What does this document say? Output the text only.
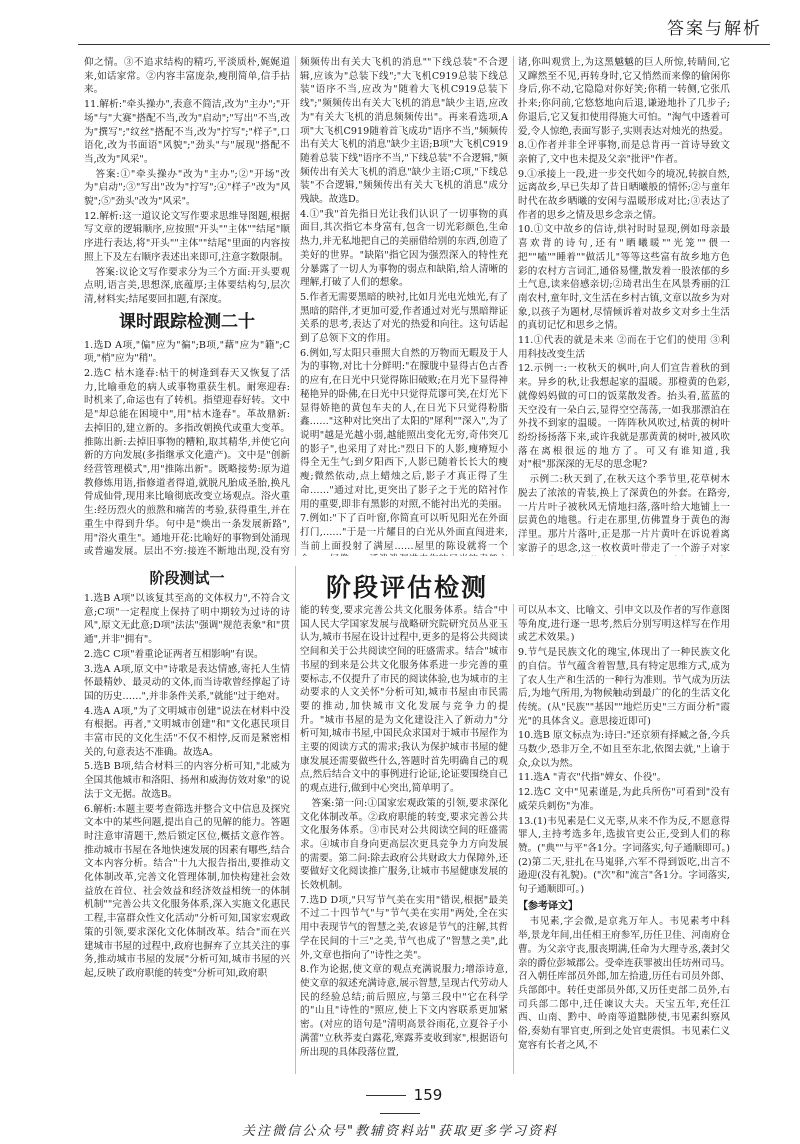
答案与解析

仰之情。③不追求结构的精巧,平淡质朴,娓娓道来,如话家常。②内容丰富庞杂,瘦削简单,信手拈来。

11.解析:"牵头操办",表意不简洁,改为"主办";"开场"与"大赛"搭配不当,改为"启动";"写出"不当,改为"撰写";"纹丝"搭配不当,改为"拧写";"样子",口语化,改为书面语"风貌";"劲头"与"展现"搭配不当,改为"风采"。

答案:①"牵头操办"改为"主办";②"开场"改为"启动";③"写出"改为"拧写";④"样子"改为"风貌";⑤"劲头"改为"风采"。

12.解析:这一道议论文写作要求思维导图题,根据写文章的逻辑顺序,应按照"开头""主体""结尾"顺序进行表达,将"开头""主体""结尾"里面的内容按照上下及左右顺序表述出来即可,注意字数限制。

答案:议论文写作要求分为三个方面:开头要观点明,语言美,思想深,底蕴厚;主体要结构匀,层次清,材料实;结尾要回扣题,有深度。

课时跟踪检测二十

1.选D A项,"偏"应为"徧";B项,"藉"应为"籍";C项,"梢"应为"稍"。

2.选C 枯木逢春:枯干的树逢到春天又恢复了活力,比喻垂危的病人或事物重获生机。耐寒迎春:时机来了,命运也有了转机。指望迎春好转。文中是"却总能在困境中",用"枯木逢春"。革故鼎新:去掉旧的,建立新的。多指改朝换代或重大变革。推陈出新:去掉旧事物的糟粕,取其精华,并使它向新的方向发展(多指继承文化遗产)。文中是"创新经营管理模式",用"推陈出新"。既略接势:原为道教修炼用语,指修道者得道,就脱凡胎成圣胎,换凡骨成仙骨,现用来比喻彻底改变立场观点。浴火重生:经历烈火的煎熬和痛苦的考验,获得重生,并在重生中得到升华。句中是"焕出一条发展新路",用"浴火重生"。通地开花:比喻好的事物到处涌现或普遍发展。层出不穷:接连不断地出现,没有穷

频频传出有关大飞机的消息""下线总装"不合逻辑,应该为"总装下线";"大飞机C919总装下线总装"语序不当,应改为"随着大飞机C919总装下线";"频频传出有关大飞机的消息"缺少主语,应改为"有关大飞机的消息频频传出"。再来看选项,A项"大飞机C919随着首飞成功"语序不当,"频频传出有关大飞机的消息"缺少主语;B项"大飞机C919随着总装下线"语序不当,"下线总装"不合逻辑,"频频传出有关大飞机的消息"缺少主语;C项,"下线总装"不合逻辑,"频频传出有关大飞机的消息"成分残缺。故选D。

4.①"我"首先指日光让我们认识了一切事物的真面目,其次指它本身富有,包含一切光彩颜色,生命热力,并无私地把自己的美丽借给别的东西,创造了美好的世界。"缺陷"指它因为强烈深入的特性充分暴露了一切人为事物的弱点和缺陷,给人清晰的理解,打破了人们的想象。

5.作者无需要黑暗的映衬,比如月光电光烛光,有了黑暗的陪伴,才更加可爱,作者通过对光与黑暗辩证关系的思考,表达了对光的热爱和向往。这句话起到了总领下文的作用。

6.例如,写太阳只垂照大自然的万物而无暇及于人为的事物,对比十分鲜明:"在朦胧中显得古色古香的应有,在日光中只觉得陈旧破败;在月光下显得神秘艳异的卧佛,在日光中只觉得荒谬可笑,在灯光下显得娇艳的黄包车夫的人,在日光下只觉得粉脂鑫……"这种对比突出了太阳的"犀利""深入",为了说明"越是光越小弱,越能照出变化无穷,奇伟突兀的影子",也采用了对比:"烈日下的人影,瘦瘠短小得全无生气;到夕阳西下,人影已随着长长大的瘦瘦;微然依动,点上蜡烛之后,影子才真正得了生命……"通过对比,更突出了影子之于光的陪衬作用的重要,即非有黑影的对照,不能衬出光的美丽。

7.例如:"下了百叶窗,你简直可以听见阳光在外面打门,……"于是一片耀目的白光从外面直闯进来,当前上面投射了满屋……屋里的陈设就将一个

诸,你叫观赏上,为这黑魆魆的巨人所惊,转睛间,它又蹿然至不见,再转身时,它又悄然而来像的偷闲你身后,你不动,它隐隐对你好笑;你稍一转侧,它张爪扑来;你问前,它悠悠地向后退,谦逊地扑了几步子;你退后,它又复扣使用得施大可怕。"淘气中透着可爱,令人惊绝,表面写影子,实则表达对烛光的热爱。

8.①作者并非全评事物,而是总肯再一首诗导致文亲俯了,文中也未提及父亲"批评"作者。

9.①承接上一段,进一步交代如今的境况,转捩自然,远离故乡,早已失却了昔日晒曦般的情怀;②与童年时代在故乡晒曦的安闲与温暖形成对比;③表达了作者的思乡之情及思乡念亲之情。

10.①文中故乡的信诗,烘衬时时显现,例如母亲最喜欢背的诗句,还有"晒曦暖""光笼""偎一把""嗑""睡着""做活儿"等等这些富有故乡地方色彩的农村方言词汇,通俗易懂,散发着一股浓郁的乡土气息,读来倍感亲切;②琦君出生在风景秀丽的江南农村,童年时,文生活在乡村古镇,文章以故乡为对象,以孩子为题材,尽情倾诉着对故乡文对乡土生活的真切记忆和思乡之情。

11.①代表的就是未来 ②而在于它们的使用 ③利用科技改变生活

12.示例一:一枚秋天的枫叶,向人们宣告着秋的到来。异乡的秋,让我想起家的温暖。那橙黄的色彩,就像妈妈做的可口的饭菜散发香。抬头看,蓝蓝的天空没有一朵白云,显得空空荡荡,一如我那漂泊在外找不到家的温暖。一阵阵秋风吹过,枯黄的树叶纷纷扬扬落下来,或许我就是那黄黄的树叶,被风吹落在离根很远的地方了。可又有谁知道,我对"根"那深深的无尽的思念呢?

示例二:秋天到了,在秋天这个季节里,花草树木脱去了浓浓的青装,换上了深黄色的外套。在路旁,一片片叶子被秋风无情地扫落,落叶给大地铺上一层黄色的地毯。行走在那里,仿佛置身于黄色的海洋里。那片片落叶,正是那一片片黄叶在诉说着离家游子的思念,这一枚枚黄叶带走了一个游子对家

阶段评估检测
阶段测试一

1.选B A项"以该复其至高的文体权力",不符合文意;C项"一定程度上保持了明中期较为过诗的诗风",原文无此意;D项"法法"强调"规范表象"和"贯通",并非"拥有"。

2.选C C项"着重论证两者互相影响"有误。

3.选A A项,原文中"诗歌是表达情感,寄托人生情怀最精妙、最灵动的文体,而当诗歌曾经撑起了诗国的历史……",并非条件关系,"就能"过于绝对。

4.选A A项,"为了文明城市创建"说法在材料中没有根据。再者,"文明城市创建"和"文化惠民项目丰富市民的文化生活"不仅不相悖,反而是紧密相关的,句意表达不准确。故选A。

5.选B B项,结合材料三的内容分析可知,"北威为全国其他城市和洛阳、扬州和威海仿效对象"的说法于文无据。故选B。

6.解析:本题主要考查筛选并整合文中信息及探究文本中的某些问题,提出自己的见解的能力。答题时注意审清题干,然后锁定区位,概括文意作答。推动城市书屋在各地快速发展的因素有哪些,结合文本内容分析。结合"十九大报告指出,要推动文化体制改革,完善文化管理体制,加快构建社会效益放在首位、社会效益和经济效益相统一的体制机制""完善公共文化服务体系,深入实施文化惠民工程,丰富群众性文化活动"分析可知,国家宏观政策的引领,要求深化文化体制改革。结合"而在兴建城市书屋的过程中,政府也摒弃了立其关注的事务,推动城市书屋的发展"分析可知,城市书屋的兴起,反映了政府职能的转变"分析可知,政府职

能的转变,要求完善公共文化服务体系。结合"中国人民大学国家发展与战略研究院研究员丛亚玉认为,城市书屋在设计过程中,更多的是将公共阅读空间和关于公共阅读空间的旺盛需求。结合"城市书屋的到来是公共文化服务体系进一步完善的重要标志,不仅提升了市民的阅读体验,也为城市的主动要求的人文关怀"分析可知,城市书屋由市民需要的推动,加快城市文化发展与竞争力的提升。"城市书屋的是为文化建设注入了新动力"分析可知,城市书屋,中国民众求国对于城市书屋作为主要的阅读方式的需求;我认为保护城市书屋的健康发展还需要做些什么,答题时首先明确自己的观点,然后结合文中的事例进行论证,论证要围绕自己的观点进行,做到中心突出,简单明了。

答案:第一问:①国家宏观政策的引领,要求深化文化体制改革。②政府职能的转变,要求完善公共文化服务体系。③市民对公共阅读空间的旺盛需求。④城市自身向更高层次更具竞争力方向发展的需要。第二问:除去政府公共财政大力保障外,还要做好文化阅读推广服务,让城市书屋健康发展的长效机制。

7.选D D项,"只写节气美在实用"错误,根据"最美不过二十四节气"与"节气美在实用"两处,全在实用中表现节气的智慧之美,农谚是节气的注解,其哲学在民间的十三"之美,节气也成了"智慧之美",此外,文章也指向了"诗性之美"。

8.作为论据,使文章的观点充满说服力;增添诗意,使文章的叙述充满诗意,展示智慧,呈现古代劳动人民的经验总结;前后照应,与第三段中"它在科学的"山且"诗性的"照应,使上下文内容联系更加紧密。(对应的语句是"清明高景谷雨花,立夏谷子小满蕾"立秋荞麦白露花,寒露荞麦收到家",根据语句所出现的具体段落位置,

可以从本文、比喻文、引申文以及作者的写作意图等角度,进行逐一思考,然后分别写明这样写在作用或艺术效果。)

9.节气是民族文化的瑰宝,体现出了一种民族文化的自信。节气蕴含着智慧,具有特定思维方式,成为了农人生产和生活的一种行为准则。节气成为历法后,为地气所用,为物候触动到最广的化的生活文化传统。(从"民族""基因""地烂历史"三方面分析"霞光"的具体含义。意思接近即可)

10.选B 原文标点为:诗曰:"还京须有择臧之备,今兵马数少,恐非万全,不如且至东北,依图去就,"上谕于众,众以为然。

11.选A "青衣"代指"婢女、仆役"。

12.选C 文中"见素谨是,为此兵所伤"可看到"没有威荣兵刺伤"为准。

13.(1)韦见素是仁义无辜,从来不作为反,不愿意得罪人,主持考选多年,选拔官吏公正,受到人们的称赞。("典""与平"各1分。字词落实,句子通顺即可。)(2)第二天,驻扎在马嵬驿,六军不得到饭吃,出言不逊迎(没有礼貌)。("次"和"流言"各1分。字词落实,句子通顺即可。)

【参考译文】

韦见素,字会微,是京兆万年人。韦见素考中科举,景龙年间,出任相王府参军,历任卫佳、河南府仓曹。为父亲守丧,服丧期满,任命为大理寺丞,袭封父亲的爵位彭城郡公。受牵连获罪被出任坊州司马。召入朝任库部员外郎,加左拾遗,历任右司员外郎、兵部郎中。转任吏部员外郎,又历任吏部二员外,右司兵部二郎中,迁任谏议大夫。天宝五年,充任江西、山南、黔中、岭南等道黜陟使,韦见素纠察风俗,奏劾有罪官吏,所到之处官吏震惧。韦见素仁义宽容有长者之风,不

159
关注微信公众号"教辅资料站"获取更多学习资料
